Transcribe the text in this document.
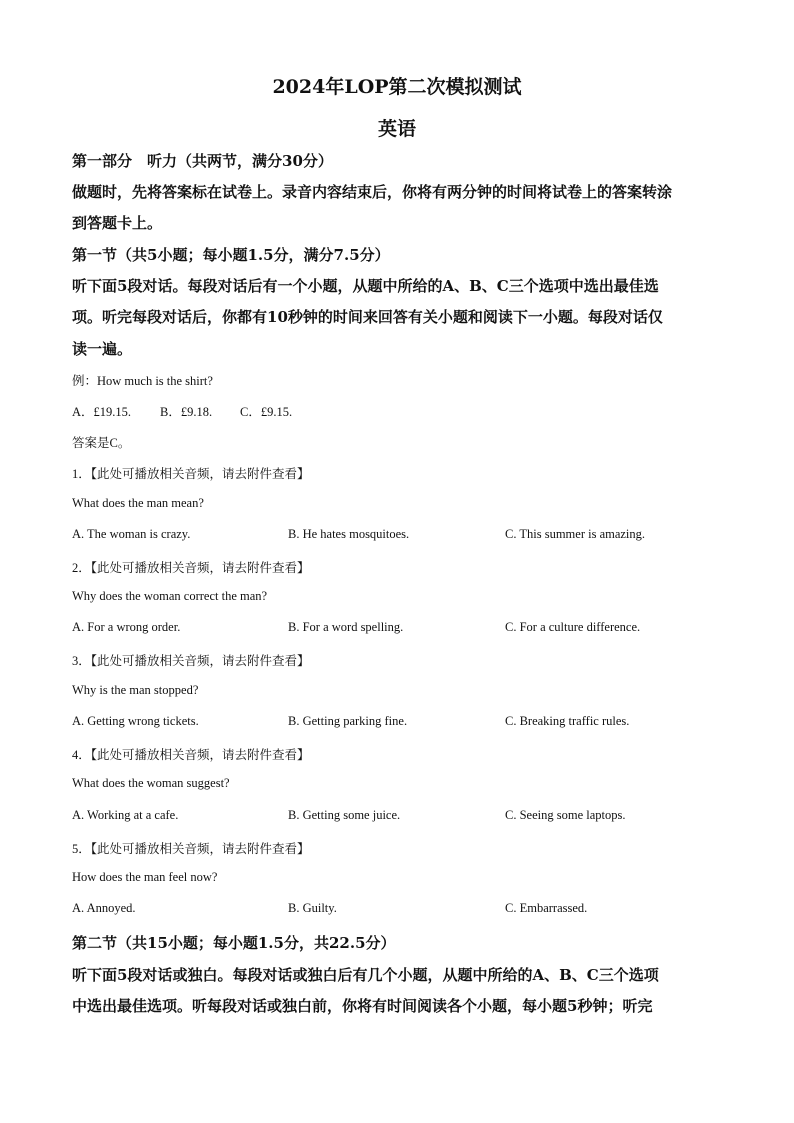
2024年LOP第二次模拟测试
英语

第一部分　听力（共两节，满分30分）

做题时，先将答案标在试卷上。录音内容结束后，你将有两分钟的时间将试卷上的答案转涂

到答题卡上。

第一节（共5小题；每小题1.5分，满分7.5分）

听下面5段对话。每段对话后有一个小题，从题中所给的A、B、C三个选项中选出最佳选

项。听完每段对话后，你都有10秒钟的时间来回答有关小题和阅读下一小题。每段对话仅

读一遍。

例：How much is the shirt?

A．£19.15. B．£9.18. C．£9.15.

答案是C。

1．【此处可播放相关音频，请去附件查看】

What does the man mean?

A. The woman is crazy.	B. He hates mosquitoes.	C. This summer is amazing.

2．【此处可播放相关音频，请去附件查看】

Why does the woman correct the man?

A. For a wrong order.	B. For a word spelling.	C. For a culture difference.

3．【此处可播放相关音频，请去附件查看】

Why is the man stopped?

A. Getting wrong tickets.	B. Getting parking fine.	C. Breaking traffic rules.

4．【此处可播放相关音频，请去附件查看】

What does the woman suggest?

A. Working at a cafe.	B. Getting some juice.	C. Seeing some laptops.

5．【此处可播放相关音频，请去附件查看】

How does the man feel now?

A. Annoyed.	B. Guilty.	C. Embarrassed.

第二节（共15小题；每小题1.5分，共22.5分）

听下面5段对话或独白。每段对话或独白后有几个小题，从题中所给的A、B、C三个选项

中选出最佳选项。听每段对话或独白前，你将有时间阅读各个小题，每小题5秒钟；听完
